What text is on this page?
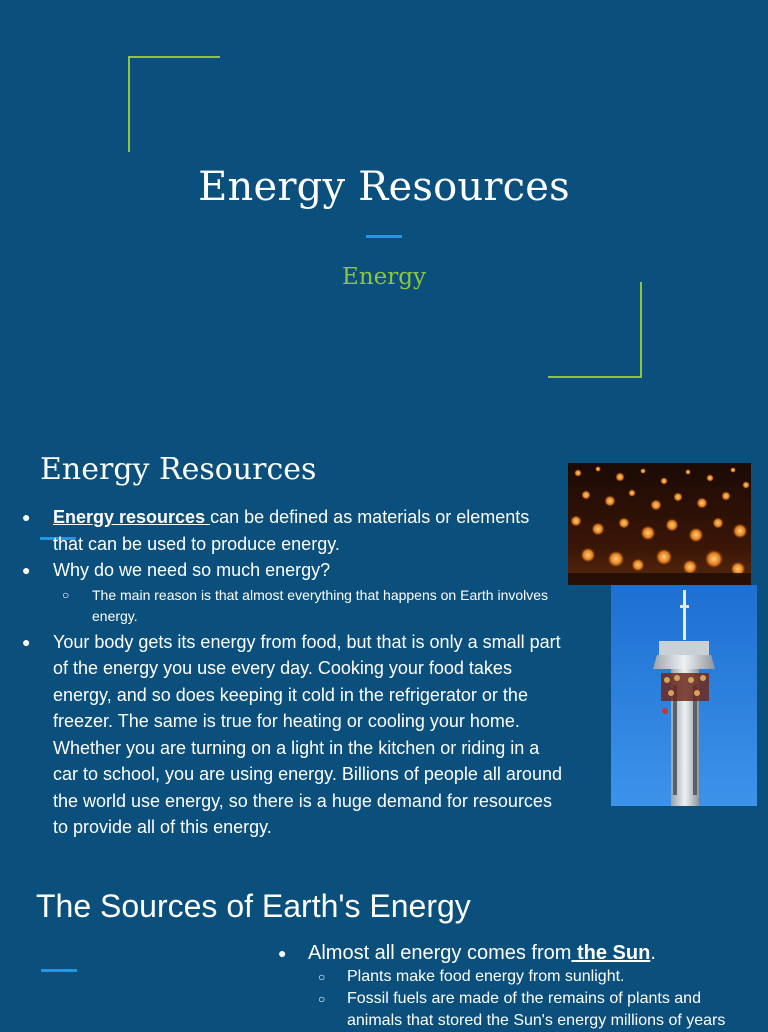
Energy Resources
Energy
Energy Resources
● Energy resources can be defined as materials or elements that can be used to produce energy.
● Why do we need so much energy?
○ The main reason is that almost everything that happens on Earth involves energy.
● Your body gets its energy from food, but that is only a small part of the energy you use every day. Cooking your food takes energy, and so does keeping it cold in the refrigerator or the freezer. The same is true for heating or cooling your home. Whether you are turning on a light in the kitchen or riding in a car to school, you are using energy. Billions of people all around the world use energy, so there is a huge demand for resources to provide all of this energy.
The Sources of Earth's Energy
● Almost all energy comes from the Sun.
○ Plants make food energy from sunlight.
○ Fossil fuels are made of the remains of plants and animals that stored the Sun's energy millions of years
